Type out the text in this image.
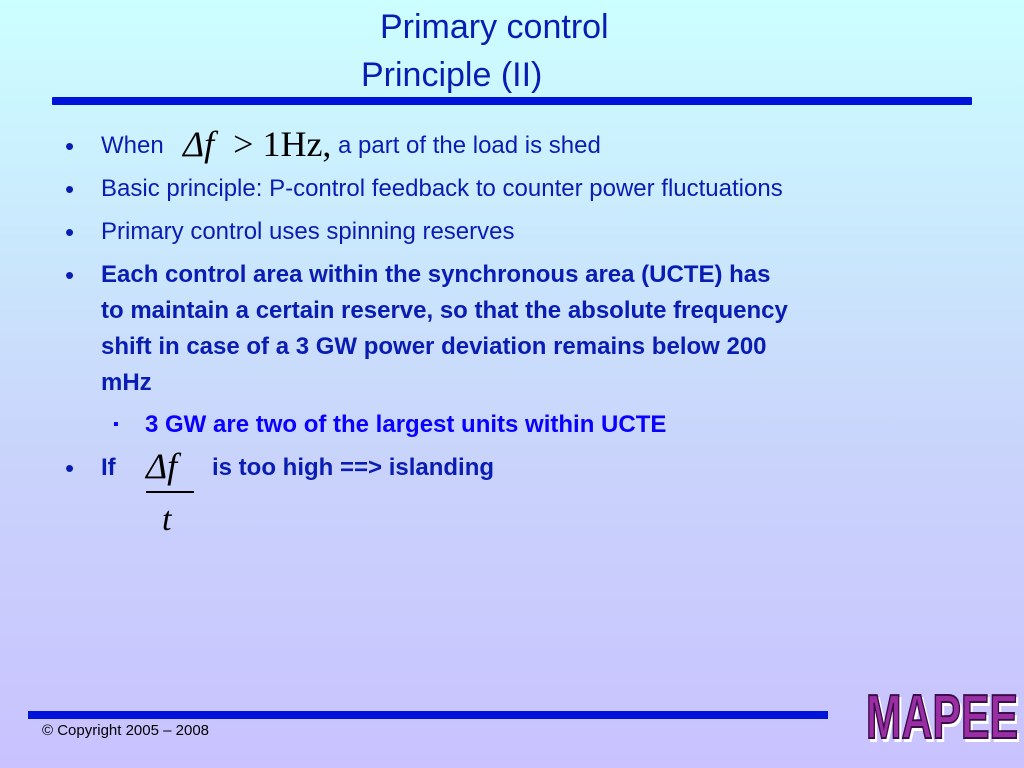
Primary control
Principle (II)
• When Δf > 1Hz, a part of the load is shed
• Basic principle: P-control feedback to counter power fluctuations
• Primary control uses spinning reserves
• Each control area within the synchronous area (UCTE) has
to maintain a certain reserve, so that the absolute frequency
shift in case of a 3 GW power deviation remains below 200
mHz
▪ 3 GW are two of the largest units within UCTE
• If Δf
t
is too high ==> islanding
© Copyright 2005 – 2008	MAPEE
